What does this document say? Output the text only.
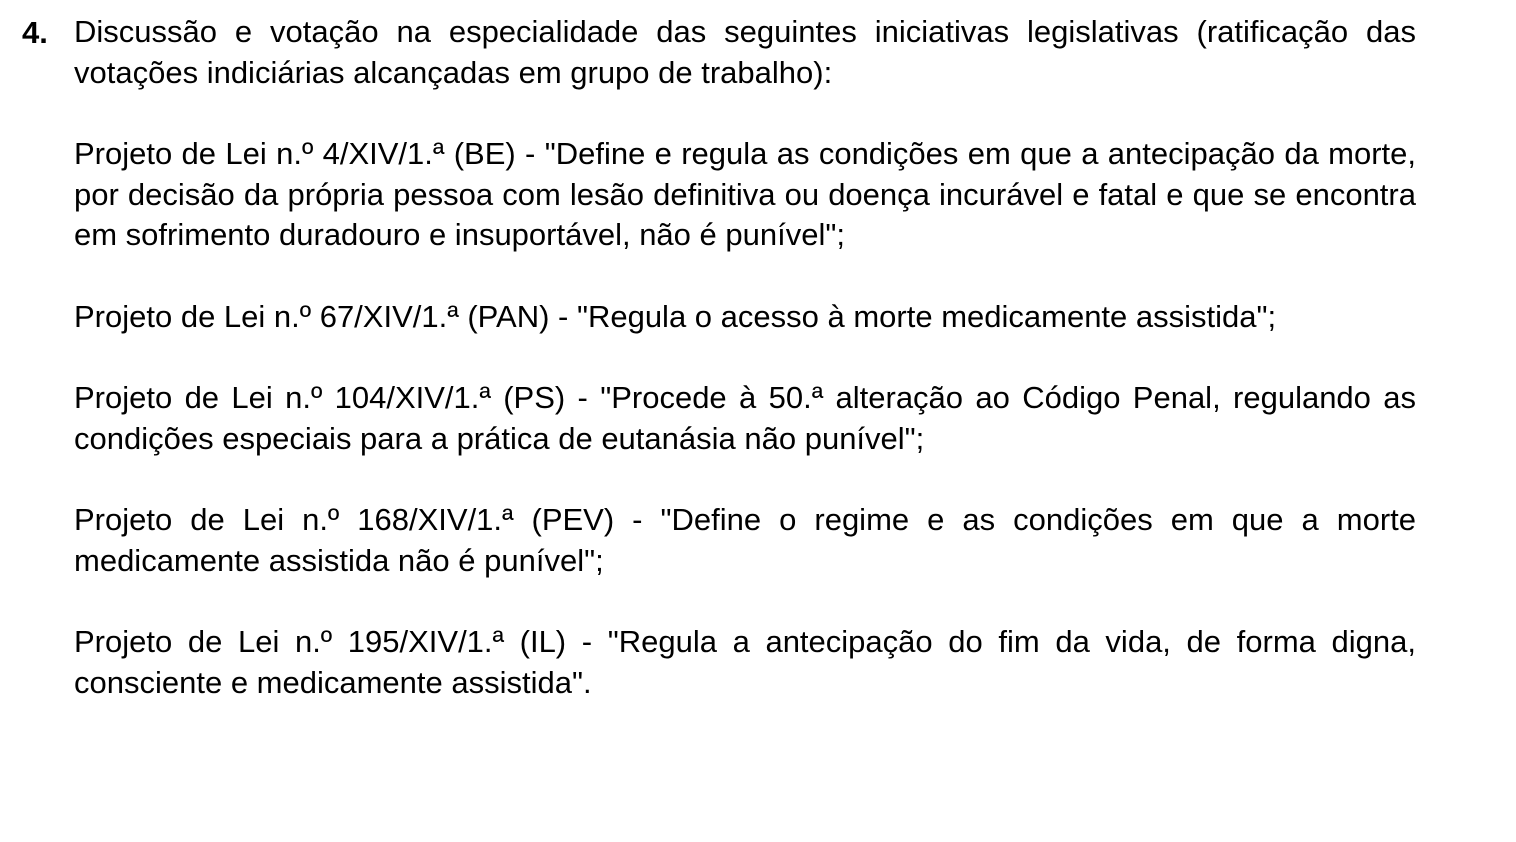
4. Discussão e votação na especialidade das seguintes iniciativas legislativas (ratificação das votações indiciárias alcançadas em grupo de trabalho):

Projeto de Lei n.º 4/XIV/1.ª (BE) - "Define e regula as condições em que a antecipação da morte, por decisão da própria pessoa com lesão definitiva ou doença incurável e fatal e que se encontra em sofrimento duradouro e insuportável, não é punível";

Projeto de Lei n.º 67/XIV/1.ª (PAN) - "Regula o acesso à morte medicamente assistida";

Projeto de Lei n.º 104/XIV/1.ª (PS) - "Procede à 50.ª alteração ao Código Penal, regulando as condições especiais para a prática de eutanásia não punível";

Projeto de Lei n.º 168/XIV/1.ª (PEV) - "Define o regime e as condições em que a morte medicamente assistida não é punível";

Projeto de Lei n.º 195/XIV/1.ª (IL) - "Regula a antecipação do fim da vida, de forma digna, consciente e medicamente assistida".
